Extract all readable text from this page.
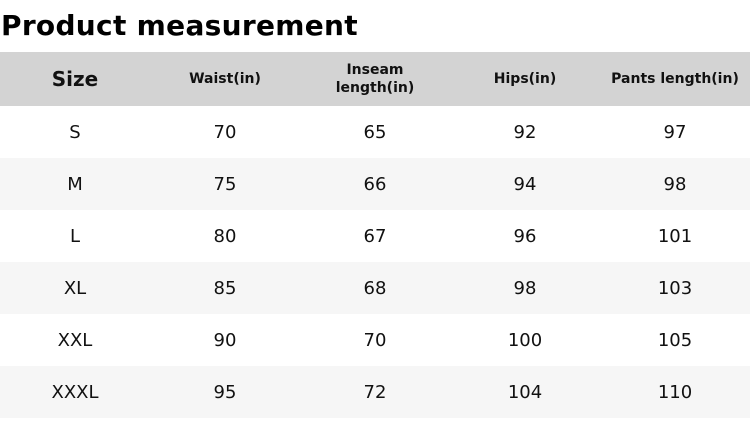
Product measurement
Size	Waist(in)	Inseam length(in)	Hips(in)	Pants length(in)
S	70	65	92	97
M	75	66	94	98
L	80	67	96	101
XL	85	68	98	103
XXL	90	70	100	105
XXXL	95	72	104	110
